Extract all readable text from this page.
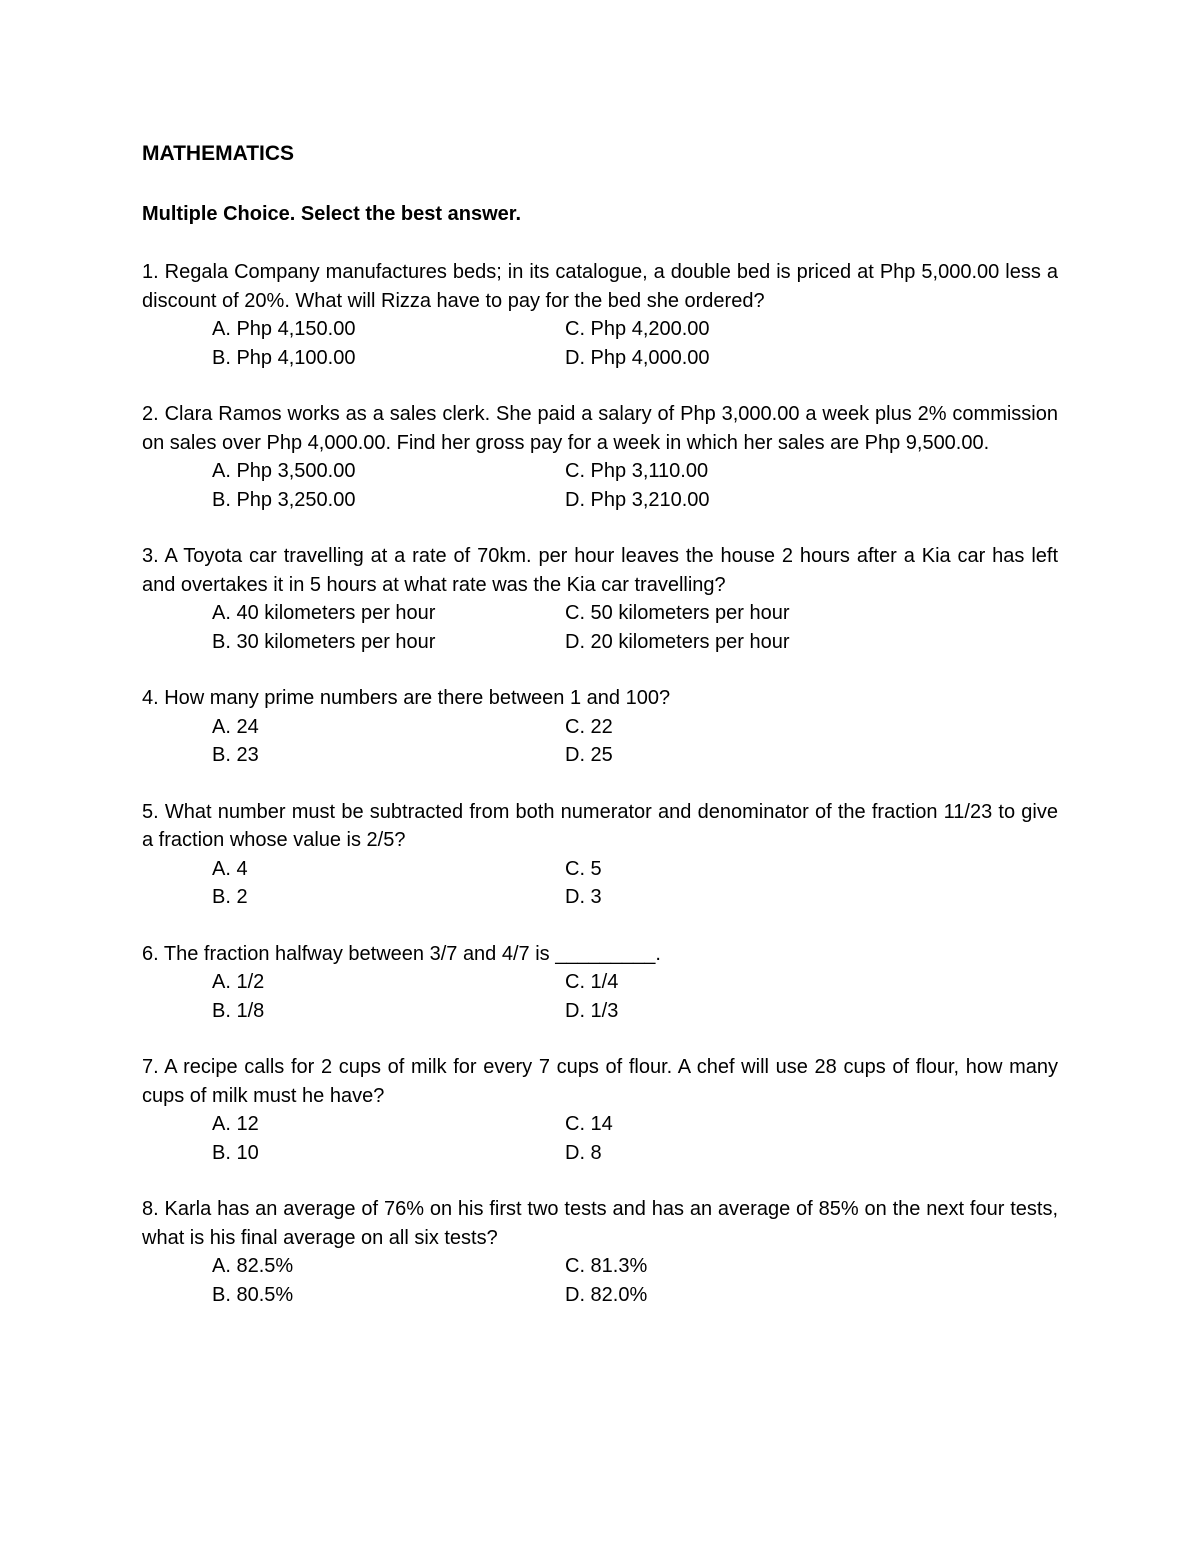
MATHEMATICS
Multiple Choice. Select the best answer.

1. Regala Company manufactures beds; in its catalogue, a double bed is priced at Php 5,000.00 less a discount of 20%. What will Rizza have to pay for the bed she ordered?

A. Php 4,150.00	C. Php 4,200.00
B. Php 4,100.00	D. Php 4,000.00

2. Clara Ramos works as a sales clerk. She paid a salary of Php 3,000.00 a week plus 2% commission on sales over Php 4,000.00. Find her gross pay for a week in which her sales are Php 9,500.00.

A. Php 3,500.00	C. Php 3,110.00
B. Php 3,250.00	D. Php 3,210.00

3. A Toyota car travelling at a rate of 70km. per hour leaves the house 2 hours after a Kia car has left and overtakes it in 5 hours at what rate was the Kia car travelling?

A. 40 kilometers per hour	C. 50 kilometers per hour
B. 30 kilometers per hour	D. 20 kilometers per hour

4. How many prime numbers are there between 1 and 100?

A. 24	C. 22
B. 23	D. 25

5. What number must be subtracted from both numerator and denominator of the fraction 11/23 to give a fraction whose value is 2/5?

A. 4	C. 5
B. 2	D. 3

6. The fraction halfway between 3/7 and 4/7 is _________.

A. 1/2	C. 1/4
B. 1/8	D. 1/3

7. A recipe calls for 2 cups of milk for every 7 cups of flour. A chef will use 28 cups of flour, how many cups of milk must he have?

A. 12	C. 14
B. 10	D. 8

8. Karla has an average of 76% on his first two tests and has an average of 85% on the next four tests, what is his final average on all six tests?

A. 82.5%	C. 81.3%
B. 80.5%	D. 82.0%
